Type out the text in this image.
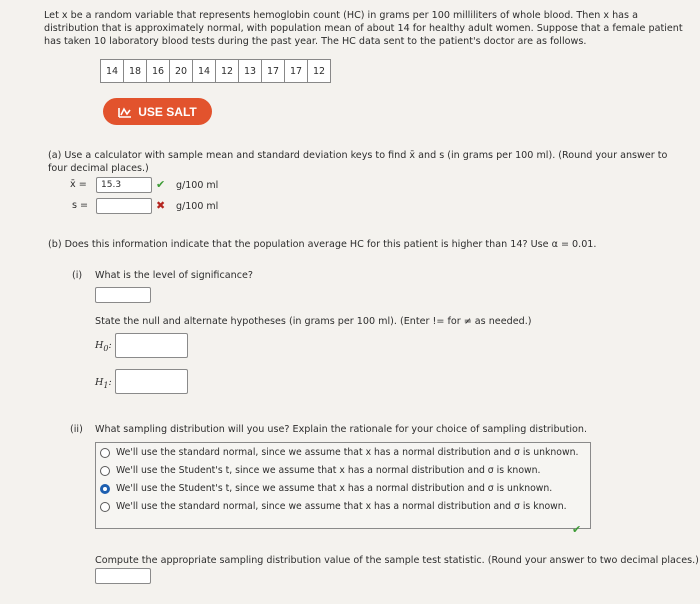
Let x be a random variable that represents hemoglobin count (HC) in grams per 100 milliliters of whole blood. Then x has a distribution that is approximately normal, with population mean of about 14 for healthy adult women. Suppose that a female patient has taken 10 laboratory blood tests during the past year. The HC data sent to the patient's doctor are as follows.

14	18	16	20	14	12	13	17	17	12
USE SALT

(a) Use a calculator with sample mean and standard deviation keys to find x̄ and s (in grams per 100 ml). (Round your answer to four decimal places.)

x̄ =	15.3	✔ g/100 ml
s =	✖ g/100 ml

(b) Does this information indicate that the population average HC for this patient is higher than 14? Use α = 0.01.

(i) What is the level of significance?

State the null and alternate hypotheses (in grams per 100 ml). (Enter != for ≠ as needed.)

$H_0$:
$H_1$:
(ii) What sampling distribution will you use? Explain the rationale for your choice of sampling distribution.
We'll use the standard normal, since we assume that x has a normal distribution and σ is unknown.
We'll use the Student's t, since we assume that x has a normal distribution and σ is known.
We'll use the Student's t, since we assume that x has a normal distribution and σ is unknown.
We'll use the standard normal, since we assume that x has a normal distribution and σ is known.
✔

Compute the appropriate sampling distribution value of the sample test statistic. (Round your answer to two decimal places.)
